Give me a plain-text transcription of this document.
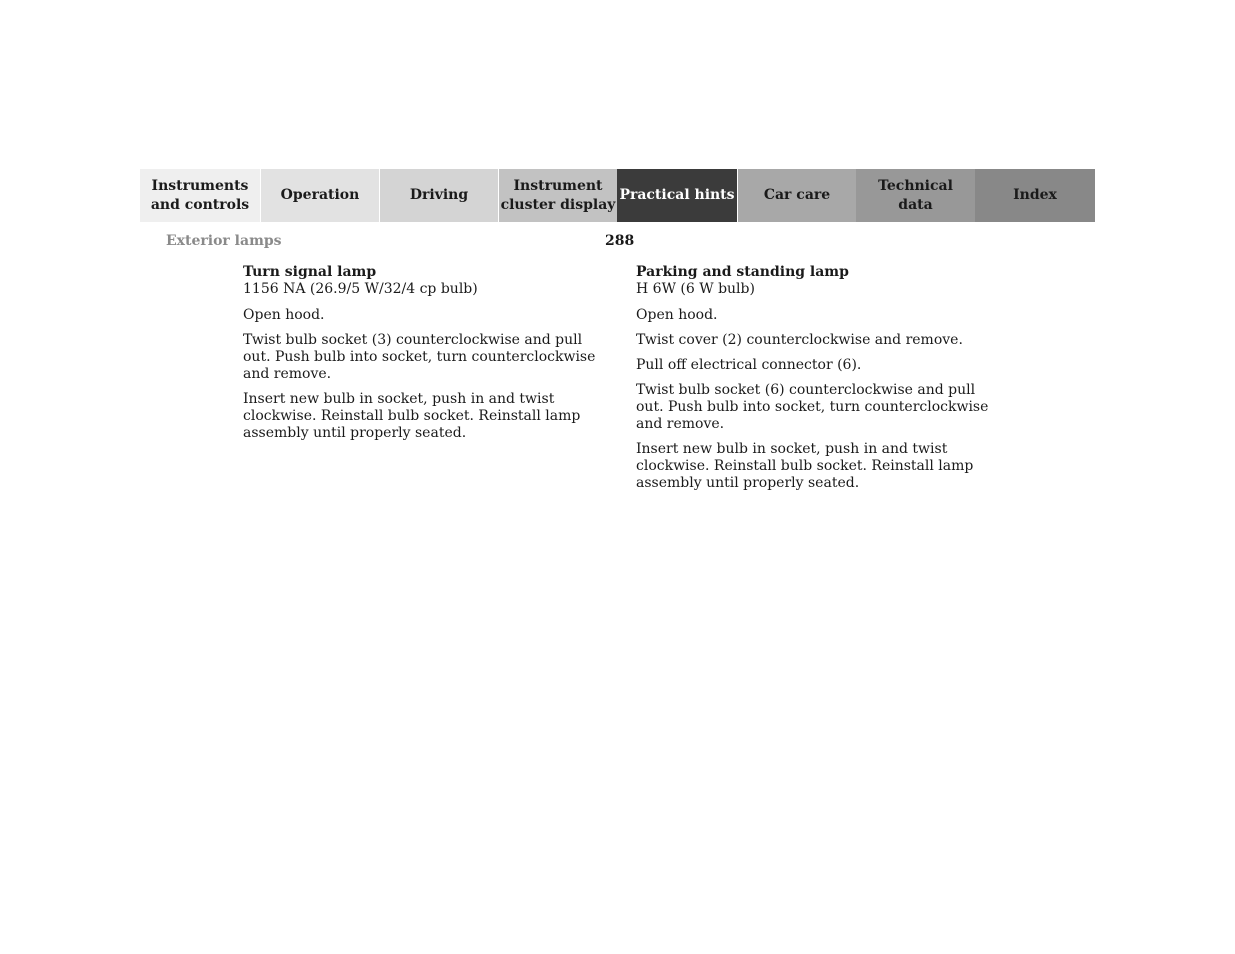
Instruments
and controls
Operation	Driving
Instrument
cluster display
Practical hints Car care
Technical
data
Index
Exterior lamps	288
Turn signal lamp
1156 NA (26.9/5 W/32/4 cp bulb)

Open hood.

Twist bulb socket (3) counterclockwise and pull out. Push bulb into socket, turn counterclockwise and remove.

Insert new bulb in socket, push in and twist clockwise. Reinstall bulb socket. Reinstall lamp assembly until properly seated.

Parking and standing lamp
H 6W (6 W bulb)

Open hood.

Twist cover (2) counterclockwise and remove.

Pull off electrical connector (6).

Twist bulb socket (6) counterclockwise and pull out. Push bulb into socket, turn counterclockwise and remove.

Insert new bulb in socket, push in and twist clockwise. Reinstall bulb socket. Reinstall lamp assembly until properly seated.
